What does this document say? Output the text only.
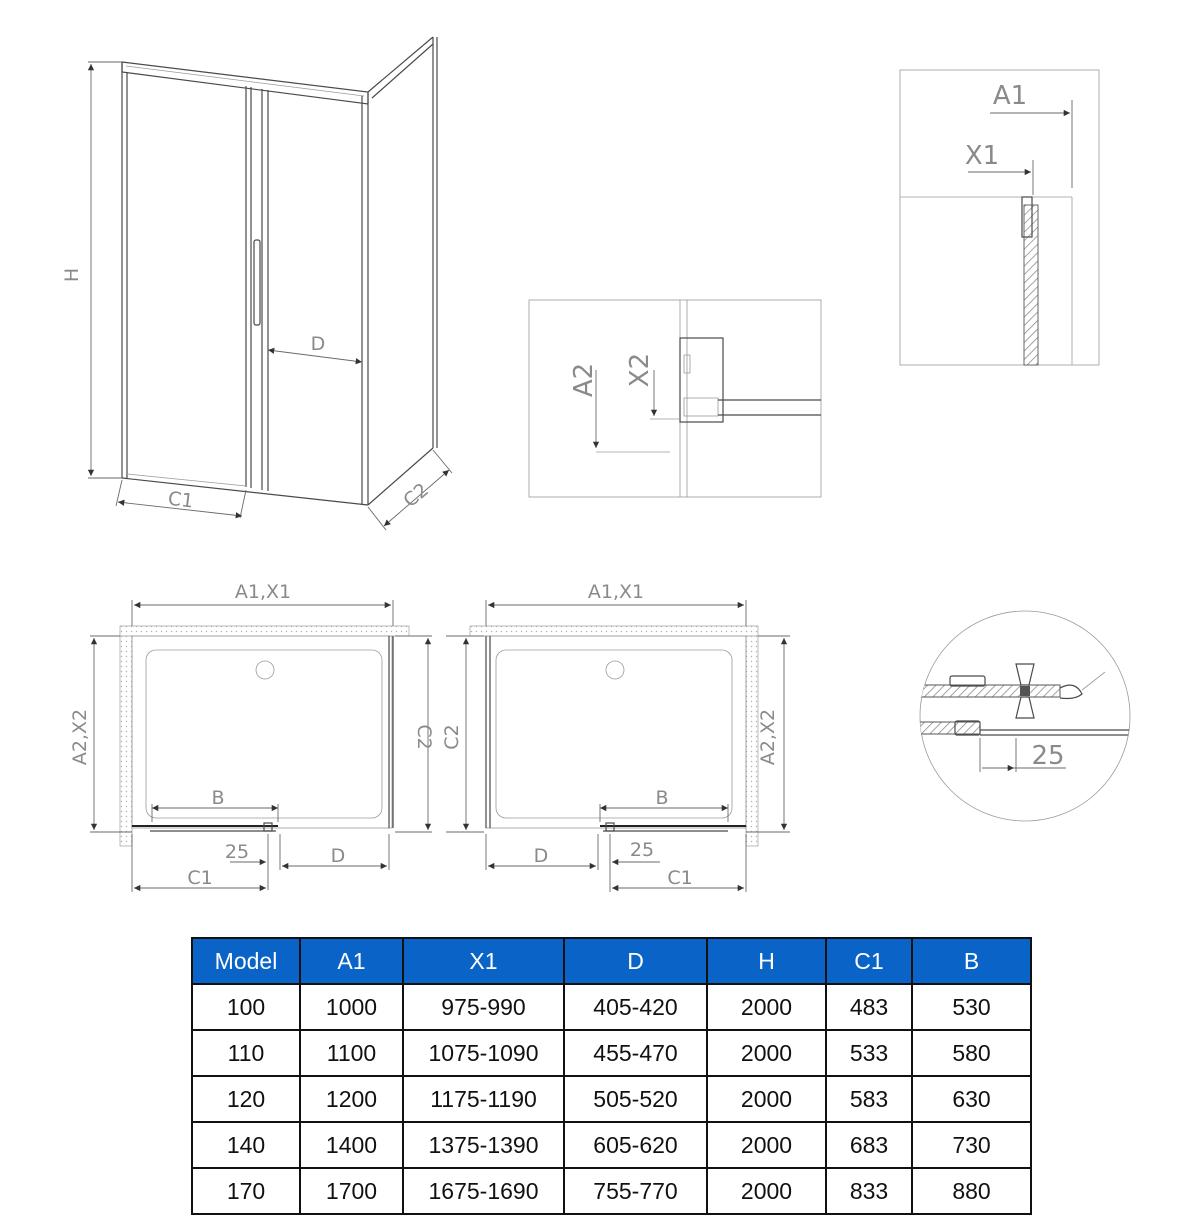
H
D
C1	C2
A2 X2
A1
X1
A1,X1
A2,X2	C2
B
25	D
C1
A1,X1
C2	A2,X2
B
D	25
C1
25
Model	A1	X1	D	H	C1	B
100	1000	975-990	405-420	2000	483	530
110	1100	1075-1090	455-470	2000	533	580
120	1200	1175-1190	505-520	2000	583	630
140	1400	1375-1390	605-620	2000	683	730
170	1700	1675-1690	755-770	2000	833	880
